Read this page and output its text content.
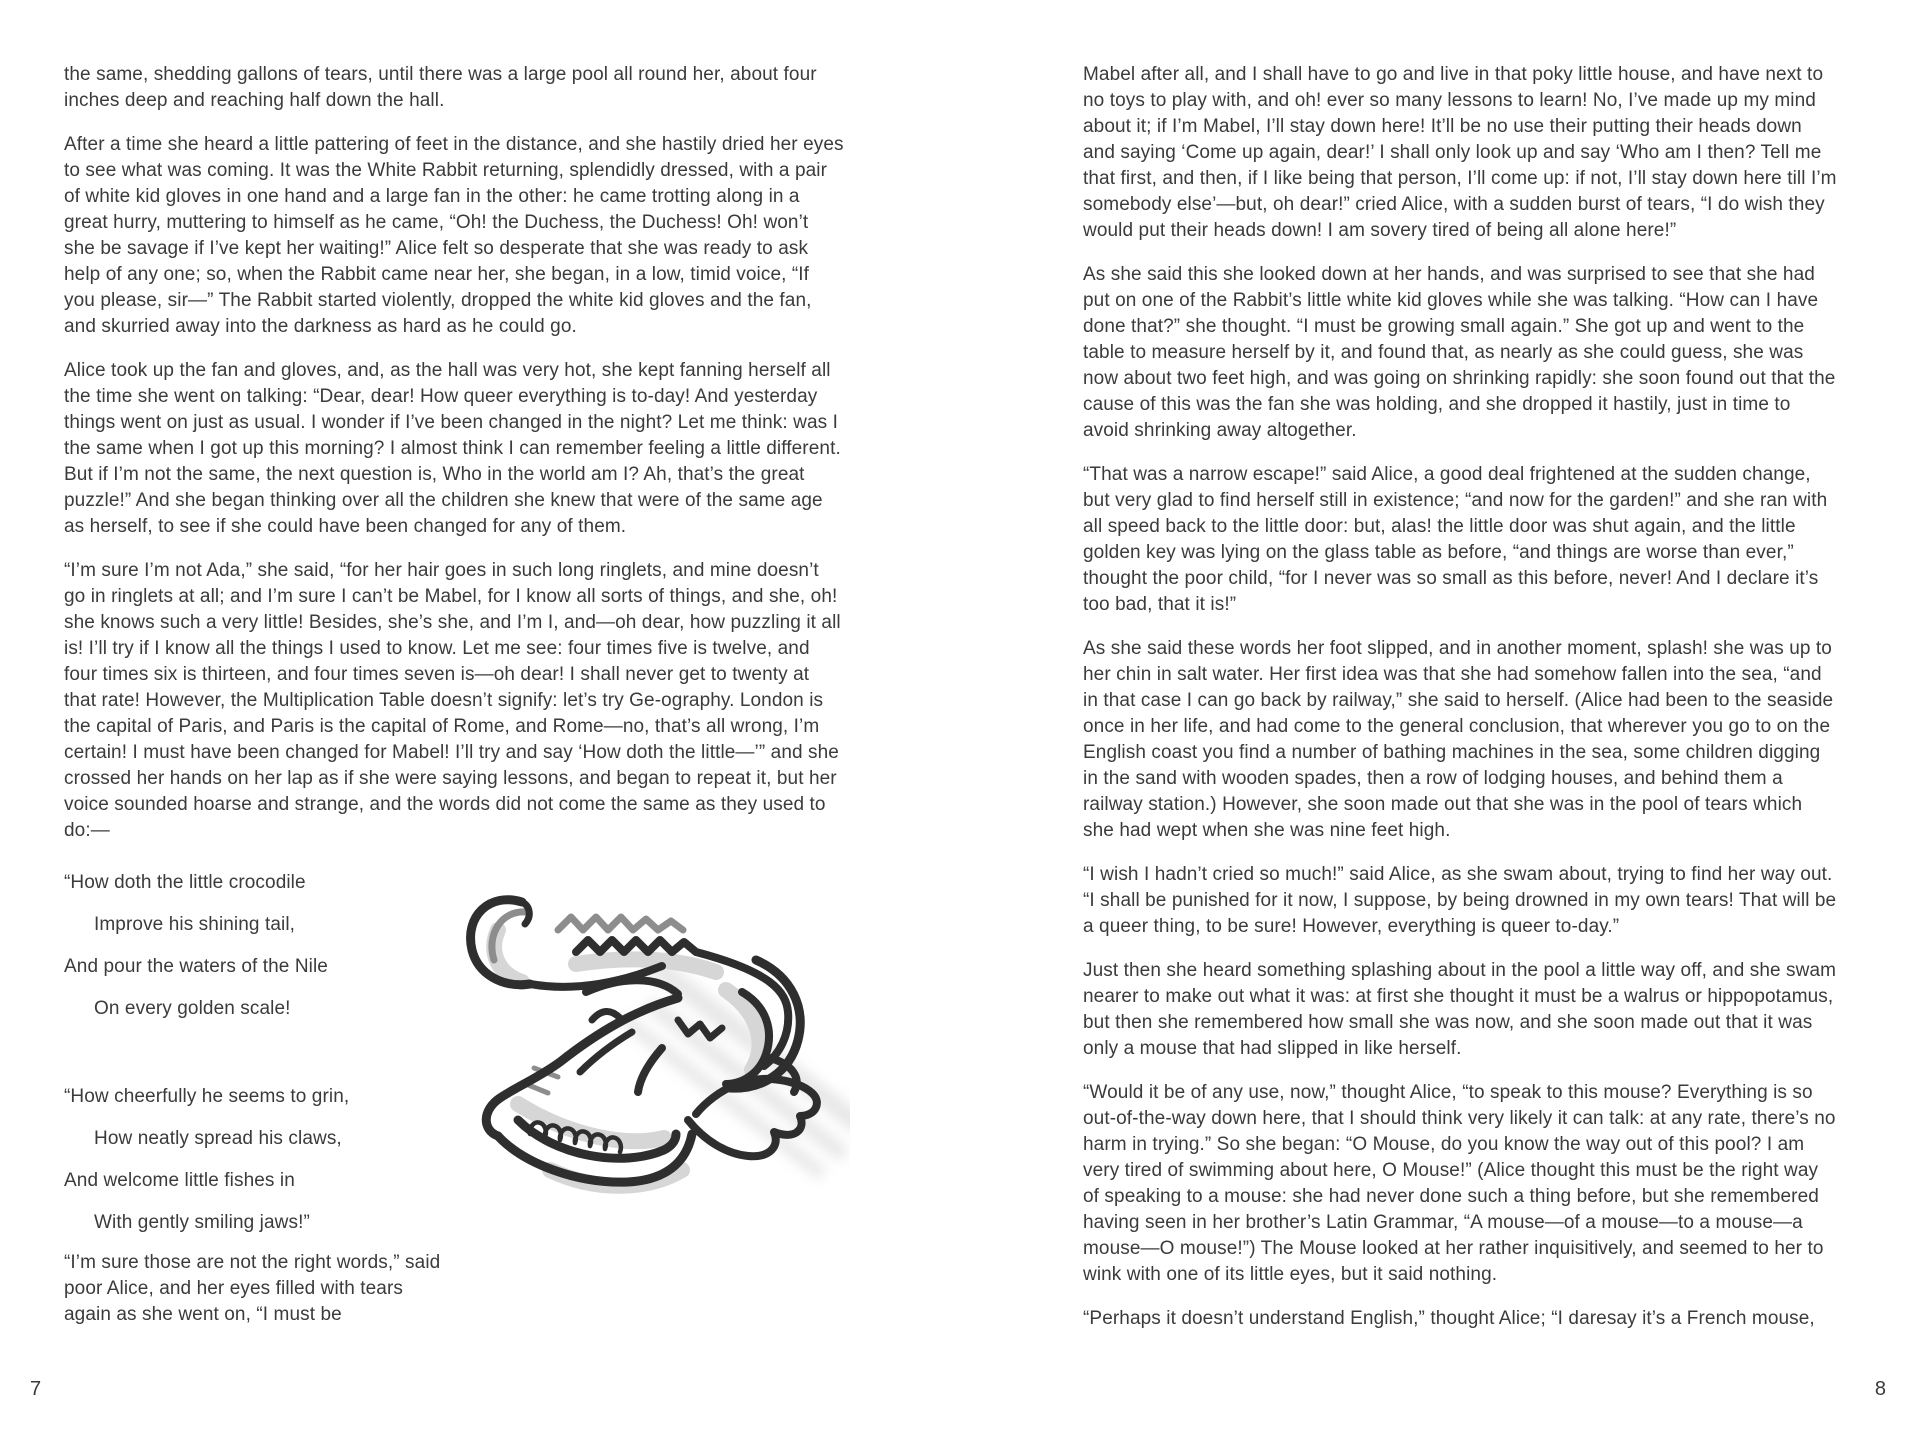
the same, shedding gallons of tears, until there was a large pool all round her, about four inches deep and reaching half down the hall.

After a time she heard a little pattering of feet in the distance, and she hastily dried her eyes to see what was coming. It was the White Rabbit returning, splendidly dressed, with a pair of white kid gloves in one hand and a large fan in the other: he came trotting along in a great hurry, muttering to himself as he came, “Oh! the Duchess, the Duchess! Oh! won’t she be savage if I’ve kept her waiting!” Alice felt so desperate that she was ready to ask help of any one; so, when the Rabbit came near her, she began, in a low, timid voice, “If you please, sir—” The Rabbit started violently, dropped the white kid gloves and the fan, and skurried away into the darkness as hard as he could go.

Alice took up the fan and gloves, and, as the hall was very hot, she kept fanning herself all the time she went on talking: “Dear, dear! How queer everything is to-day! And yesterday things went on just as usual. I wonder if I’ve been changed in the night? Let me think: was I the same when I got up this morning? I almost think I can remember feeling a little different. But if I’m not the same, the next question is, Who in the world am I? Ah, that’s the great puzzle!” And she began thinking over all the children she knew that were of the same age as herself, to see if she could have been changed for any of them.

“I’m sure I’m not Ada,” she said, “for her hair goes in such long ringlets, and mine doesn’t go in ringlets at all; and I’m sure I can’t be Mabel, for I know all sorts of things, and she, oh! she knows such a very little! Besides, she’s she, and I’m I, and—oh dear, how puzzling it all is! I’ll try if I know all the things I used to know. Let me see: four times five is twelve, and four times six is thirteen, and four times seven is—oh dear! I shall never get to twenty at that rate! However, the Multiplication Table doesn’t signify: let’s try Ge-ography. London is the capital of Paris, and Paris is the capital of Rome, and Rome—no, that’s all wrong, I’m certain! I must have been changed for Mabel! I’ll try and say ‘How doth the little—’” and she crossed her hands on her lap as if she were saying lessons, and began to repeat it, but her voice sounded hoarse and strange, and the words did not come the same as they used to do:—

“How doth the little crocodile
Improve his shining tail,
And pour the waters of the Nile
On every golden scale!
“How cheerfully he seems to grin,
How neatly spread his claws,
And welcome little fishes in
With gently smiling jaws!”

“I’m sure those are not the right words,” said poor Alice, and her eyes filled with tears again as she went on, “I must be

Mabel after all, and I shall have to go and live in that poky little house, and have next to no toys to play with, and oh! ever so many lessons to learn! No, I’ve made up my mind about it; if I’m Mabel, I’ll stay down here! It’ll be no use their putting their heads down and saying ‘Come up again, dear!’ I shall only look up and say ‘Who am I then? Tell me that first, and then, if I like being that person, I’ll come up: if not, I’ll stay down here till I’m somebody else’—but, oh dear!” cried Alice, with a sudden burst of tears, “I do wish they would put their heads down! I am sovery tired of being all alone here!”

As she said this she looked down at her hands, and was surprised to see that she had put on one of the Rabbit’s little white kid gloves while she was talking. “How can I have done that?” she thought. “I must be growing small again.” She got up and went to the table to measure herself by it, and found that, as nearly as she could guess, she was now about two feet high, and was going on shrinking rapidly: she soon found out that the cause of this was the fan she was holding, and she dropped it hastily, just in time to avoid shrinking away altogether.

“That was a narrow escape!” said Alice, a good deal frightened at the sudden change, but very glad to find herself still in existence; “and now for the garden!” and she ran with all speed back to the little door: but, alas! the little door was shut again, and the little golden key was lying on the glass table as before, “and things are worse than ever,” thought the poor child, “for I never was so small as this before, never! And I declare it’s too bad, that it is!”

As she said these words her foot slipped, and in another moment, splash! she was up to her chin in salt water. Her first idea was that she had somehow fallen into the sea, “and in that case I can go back by railway,” she said to herself. (Alice had been to the seaside once in her life, and had come to the general conclusion, that wherever you go to on the English coast you find a number of bathing machines in the sea, some children digging in the sand with wooden spades, then a row of lodging houses, and behind them a railway station.) However, she soon made out that she was in the pool of tears which she had wept when she was nine feet high.

“I wish I hadn’t cried so much!” said Alice, as she swam about, trying to find her way out. “I shall be punished for it now, I suppose, by being drowned in my own tears! That will be a queer thing, to be sure! However, everything is queer to-day.”

Just then she heard something splashing about in the pool a little way off, and she swam nearer to make out what it was: at first she thought it must be a walrus or hippopotamus, but then she remembered how small she was now, and she soon made out that it was only a mouse that had slipped in like herself.

“Would it be of any use, now,” thought Alice, “to speak to this mouse? Everything is so out-of-the-way down here, that I should think very likely it can talk: at any rate, there’s no harm in trying.” So she began: “O Mouse, do you know the way out of this pool? I am very tired of swimming about here, O Mouse!” (Alice thought this must be the right way of speaking to a mouse: she had never done such a thing before, but she remembered having seen in her brother’s Latin Grammar, “A mouse—of a mouse—to a mouse—a mouse—O mouse!”) The Mouse looked at her rather inquisitively, and seemed to her to wink with one of its little eyes, but it said nothing.

“Perhaps it doesn’t understand English,” thought Alice; “I daresay it’s a French mouse,

7	8
